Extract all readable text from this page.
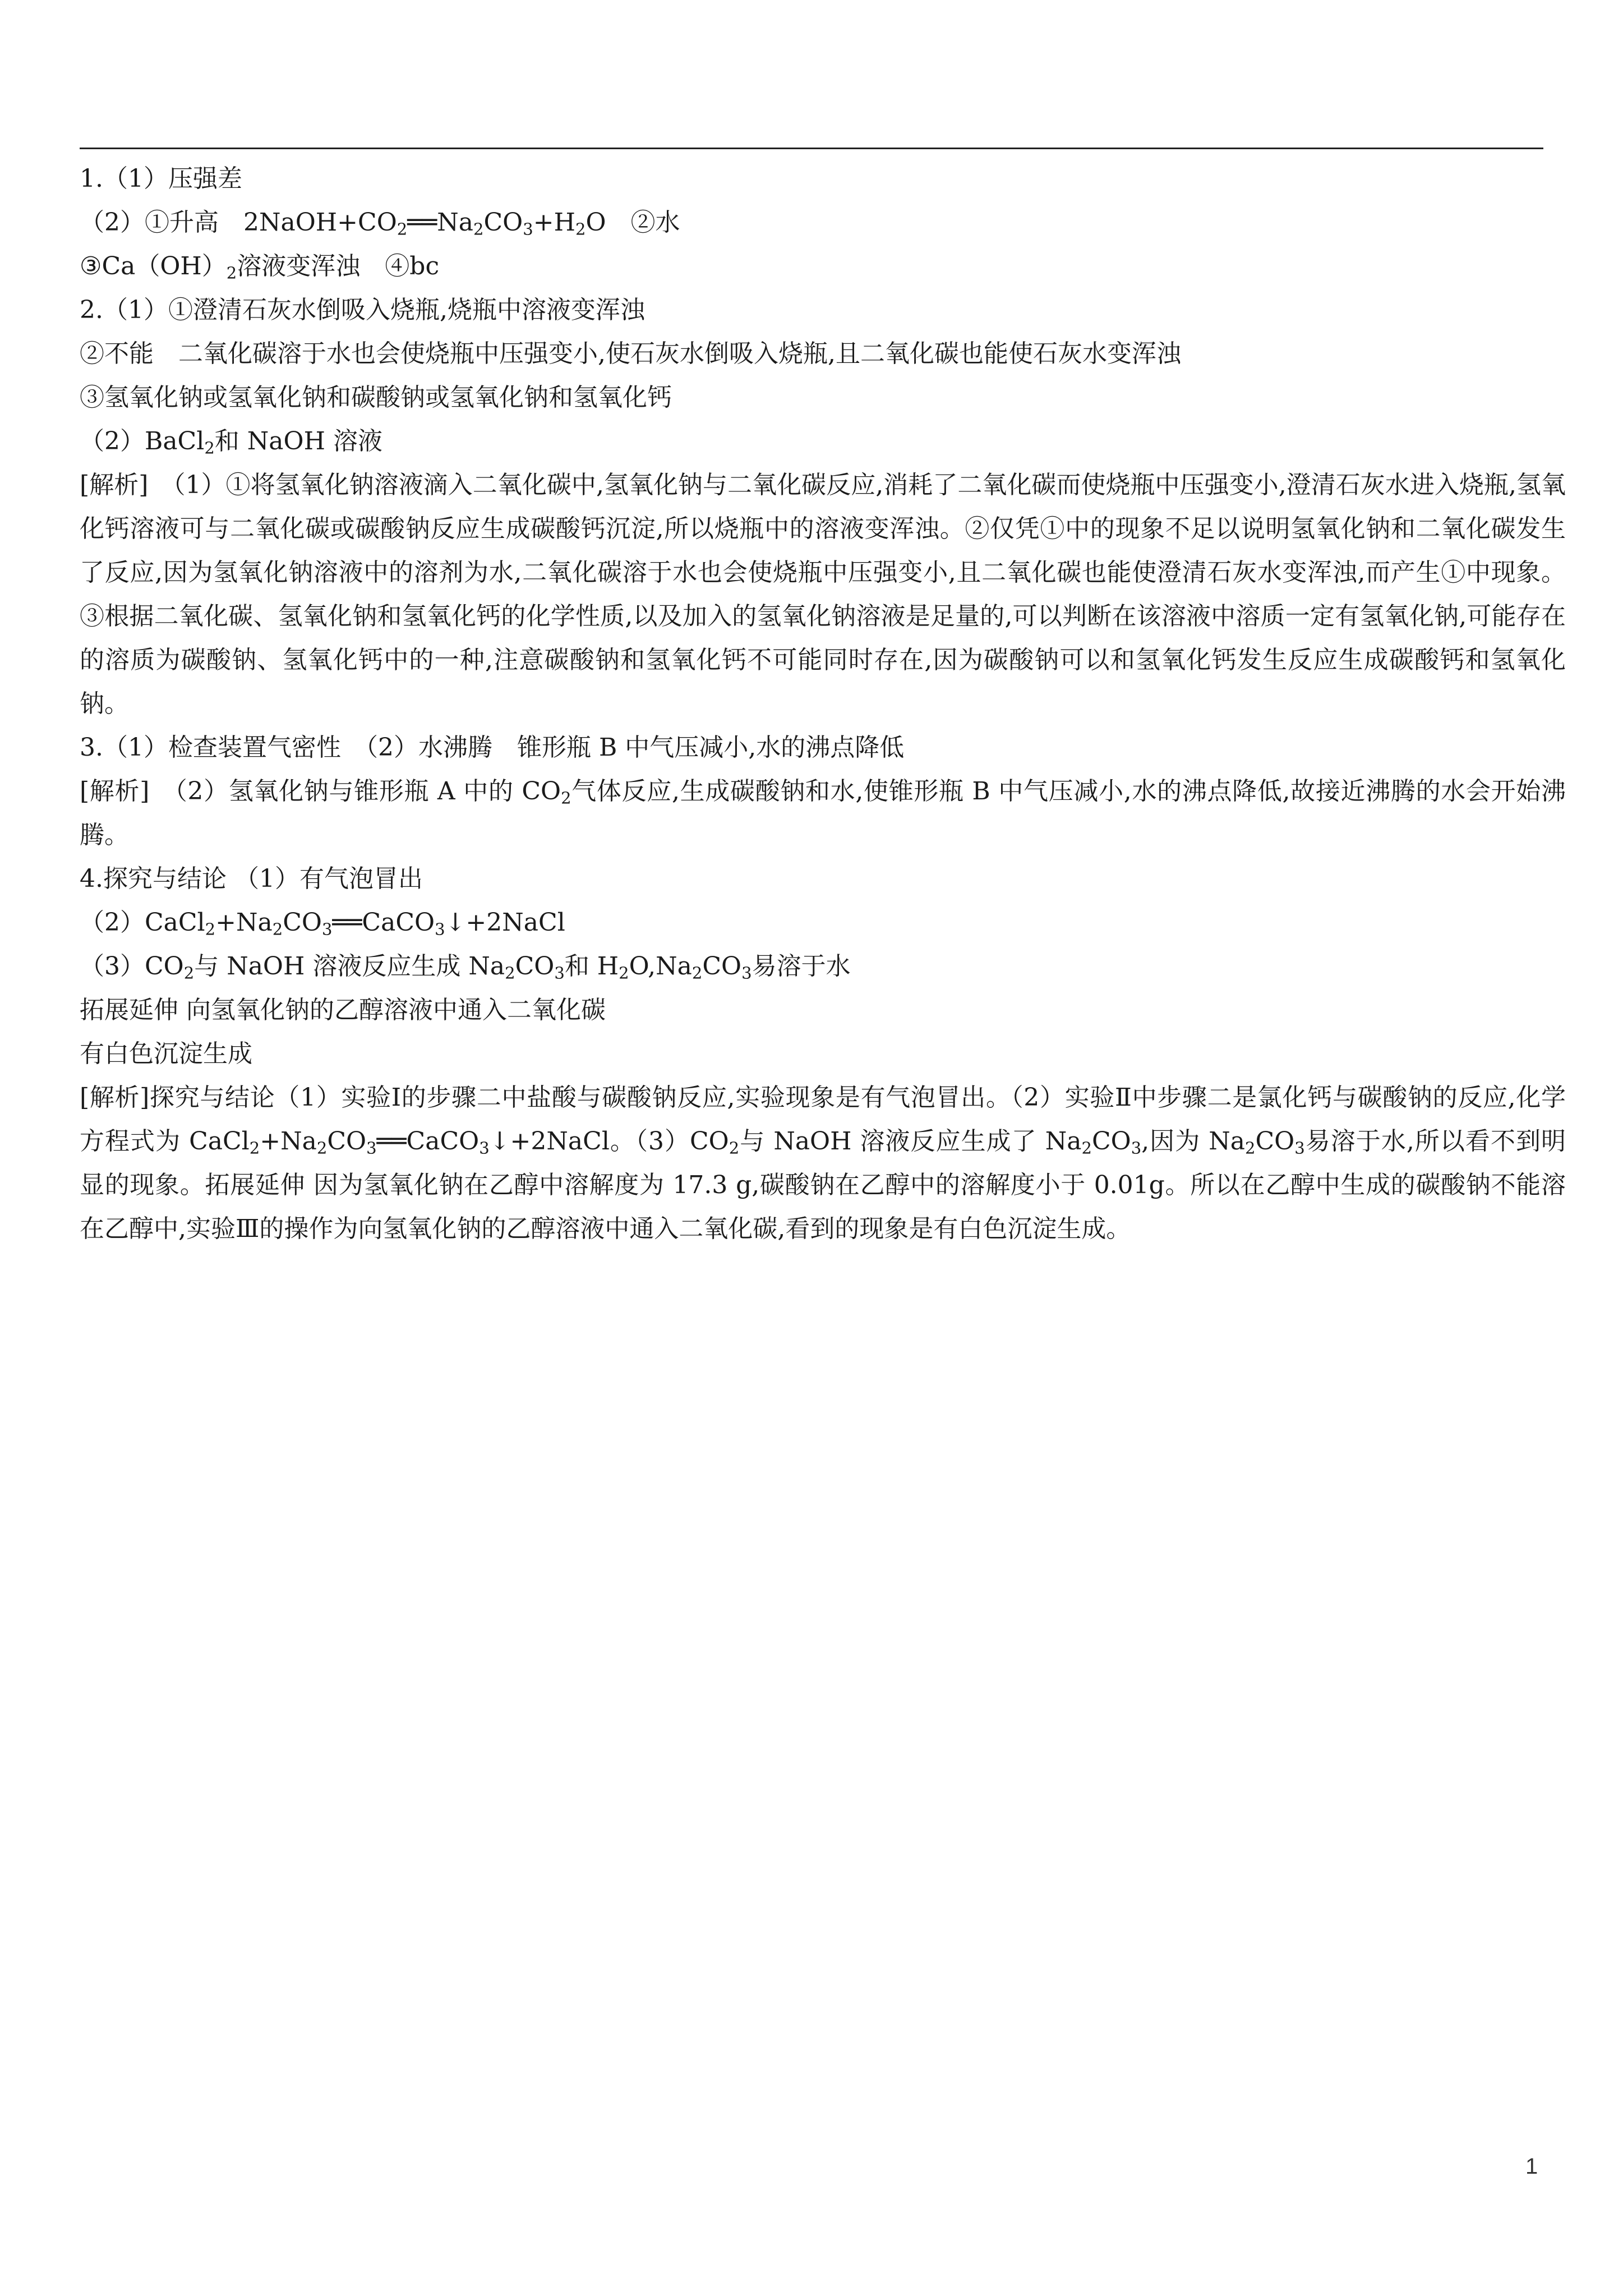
1.（1）压强差
（2）①升高　$2NaOH+CO_2══Na_2CO_3+H_2O$　②水
$③Ca(OH)_2$溶液变浑浊　④bc
2.（1）①澄清石灰水倒吸入烧瓶,烧瓶中溶液变浑浊
②不能　二氧化碳溶于水也会使烧瓶中压强变小,使石灰水倒吸入烧瓶,且二氧化碳也能使石灰水变浑浊
③氢氧化钠或氢氧化钠和碳酸钠或氢氧化钠和氢氧化钙
（2）BaCl$_2$和 NaOH 溶液
[解析]　（1）①将氢氧化钠溶液滴入二氧化碳中,氢氧化钠与二氧化碳反应,消耗了二氧化碳而使烧瓶中压强变小,澄清石灰水进入烧瓶,氢氧化钙溶液可与二氧化碳或碳酸钠反应生成碳酸钙沉淀,所以烧瓶中的溶液变浑浊。②仅凭①中的现象不足以说明氢氧化钠和二氧化碳发生了反应,因为氢氧化钠溶液中的溶剂为水,二氧化碳溶于水也会使烧瓶中压强变小,且二氧化碳也能使澄清石灰水变浑浊,而产生①中现象。③根据二氧化碳、氢氧化钠和氢氧化钙的化学性质,以及加入的氢氧化钠溶液是足量的,可以判断在该溶液中溶质一定有氢氧化钠,可能存在的溶质为碳酸钠、氢氧化钙中的一种,注意碳酸钠和氢氧化钙不可能同时存在,因为碳酸钠可以和氢氧化钙发生反应生成碳酸钙和氢氧化钠。
3.（1）检查装置气密性　（2）水沸腾　锥形瓶 B 中气压减小,水的沸点降低
[解析]　（2）氢氧化钠与锥形瓶 A 中的 $CO_2$气体反应,生成碳酸钠和水,使锥形瓶 B 中气压减小,水的沸点降低,故接近沸腾的水会开始沸腾。
4.探究与结论 （1）有气泡冒出
$(2)CaCl_2+Na_2CO_3══CaCO_3↓+2NaCl$
$(3)CO_2$与 NaOH 溶液反应生成 $Na_2CO_3$和 $H_2O,Na_2CO_3$易溶于水
拓展延伸 向氢氧化钠的乙醇溶液中通入二氧化碳
有白色沉淀生成
[解析]探究与结论（1）实验Ⅰ的步骤二中盐酸与碳酸钠反应,实验现象是有气泡冒出。（2）实验Ⅱ中步骤二是氯化钙与碳酸钠的反应,化学方程式为 $CaCl_2+Na_2CO_3══CaCO_3↓+2NaCl$。$(3)CO_2$与 NaOH 溶液反应生成了 $Na_2CO_3$,因为 $Na_2CO_3$易溶于水,所以看不到明显的现象。拓展延伸 因为氢氧化钠在乙醇中溶解度为 17.3 g,碳酸钠在乙醇中的溶解度小于 0.01g。所以在乙醇中生成的碳酸钠不能溶在乙醇中,实验Ⅲ的操作为向氢氧化钠的乙醇溶液中通入二氧化碳,看到的现象是有白色沉淀生成。
1
